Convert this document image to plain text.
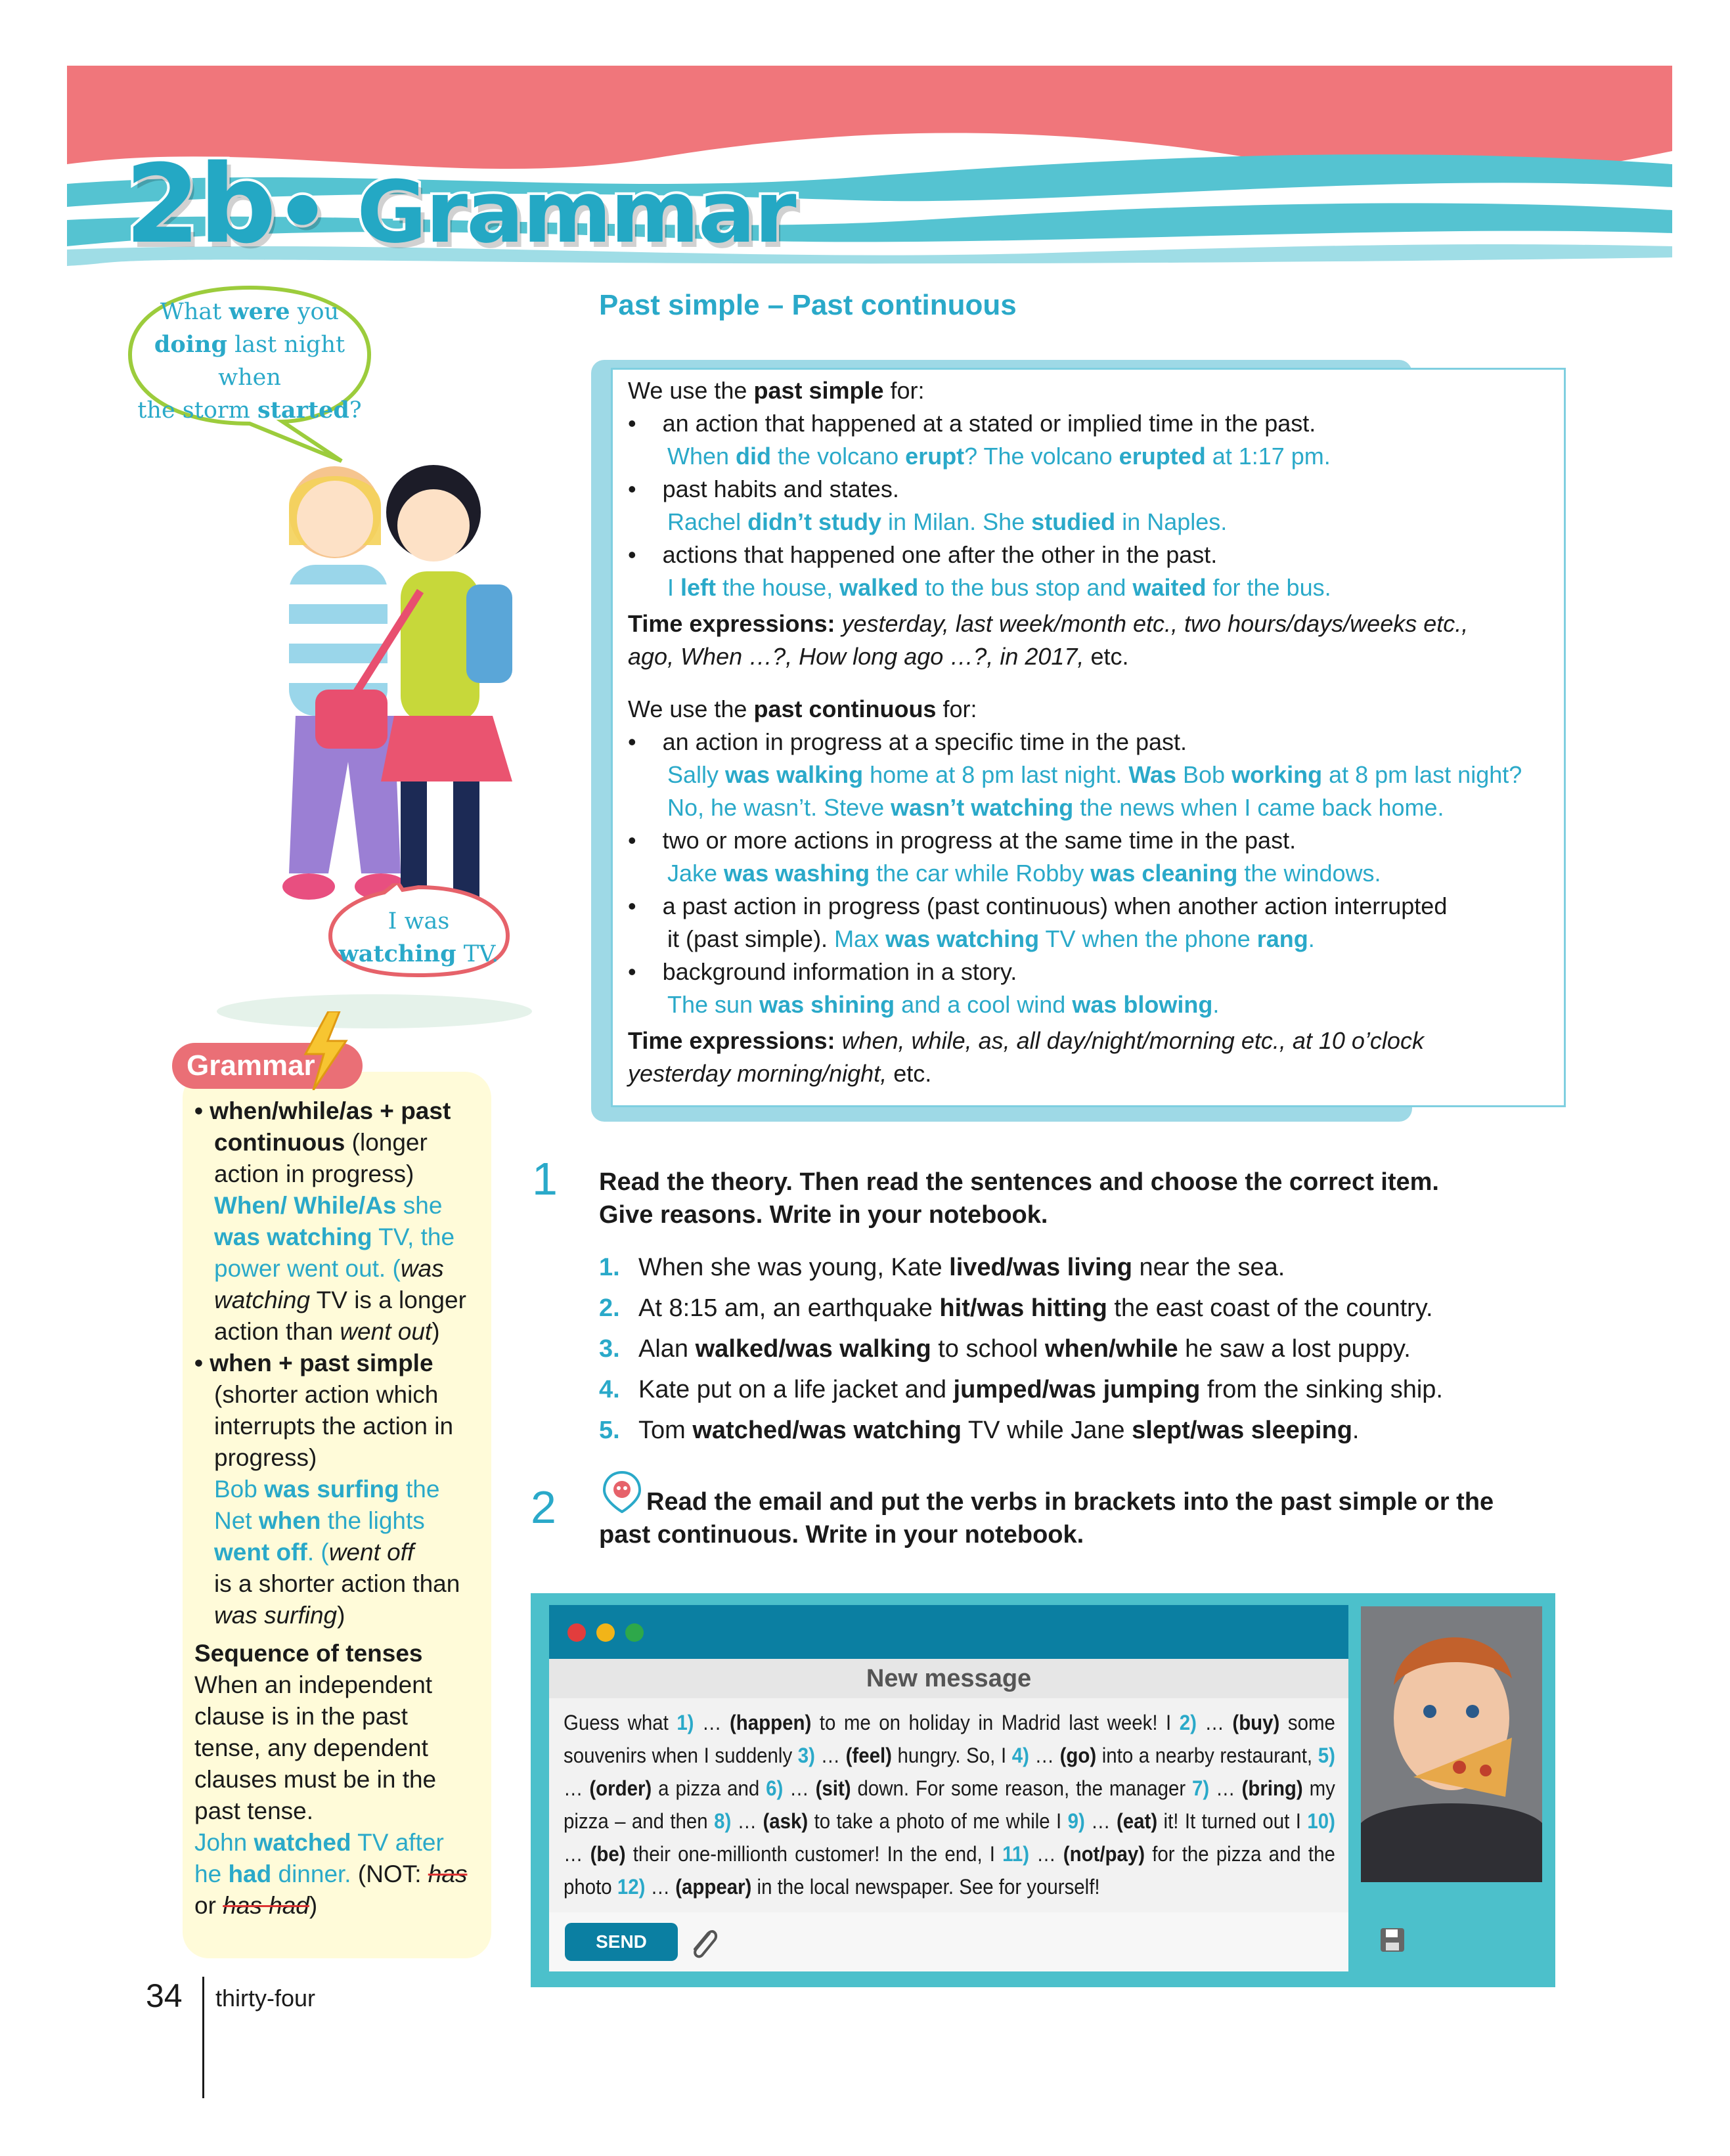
2b• Grammar
What were you
doing last night when
the storm started?
I was
watching TV.
Grammar
• when/while/as + past
continuous (longer
action in progress)
When/ While/As she
was watching TV, the
power went out. (was
watching TV is a longer
action than went out)
• when + past simple
(shorter action which
interrupts the action in
progress)
Bob was surfing the
Net when the lights
went off. (went off
is a shorter action than
was surfing)
Sequence of tenses
When an independent
clause is in the past
tense, any dependent
clauses must be in the
past tense.
John watched TV after
he had dinner. (NOT: has
or has had)
Past simple – Past continuous
We use the past simple for:
•    an action that happened at a stated or implied time in the past.
When did the volcano erupt? The volcano erupted at 1:17 pm.
•    past habits and states.
Rachel didn’t study in Milan. She studied in Naples.
•    actions that happened one after the other in the past.
I left the house, walked to the bus stop and waited for the bus.
Time expressions: yesterday, last week/month etc., two hours/days/weeks etc.,
ago, When …?, How long ago …?, in 2017, etc.
We use the past continuous for:
•    an action in progress at a specific time in the past.
Sally was walking home at 8 pm last night. Was Bob working at 8 pm last night?
No, he wasn’t. Steve wasn’t watching the news when I came back home.
•    two or more actions in progress at the same time in the past.
Jake was washing the car while Robby was cleaning the windows.
•    a past action in progress (past continuous) when another action interrupted
it (past simple). Max was watching TV when the phone rang.
•    background information in a story.
The sun was shining and a cool wind was blowing.
Time expressions: when, while, as, all day/night/morning etc., at 10 o’clock
yesterday morning/night, etc.
1 Read the theory. Then read the sentences and choose the correct item.
Give reasons. Write in your notebook.
1. When she was young, Kate lived/was living near the sea.
2. At 8:15 am, an earthquake hit/was hitting the east coast of the country.
3. Alan walked/was walking to school when/while he saw a lost puppy.
4. Kate put on a life jacket and jumped/was jumping from the sinking ship.
5. Tom watched/was watching TV while Jane slept/was sleeping.
2	Read the email and put the verbs in brackets into the past simple or the
past continuous. Write in your notebook.
New message
Guess what 1) … (happen) to me on holiday in Madrid last week! I 2) … (buy) some souvenirs when I suddenly 3) … (feel) hungry. So, I 4) … (go) into a nearby restaurant, 5) … (order) a pizza and 6) … (sit) down. For some reason, the manager 7) … (bring) my pizza – and then 8) … (ask) to take a photo of me while I 9) … (eat) it! It turned out I 10) … (be) their one-millionth customer! In the end, I 11) … (not/pay) for the pizza and the photo 12) … (appear) in the local newspaper. See for yourself!
SEND
34 thirty-four
